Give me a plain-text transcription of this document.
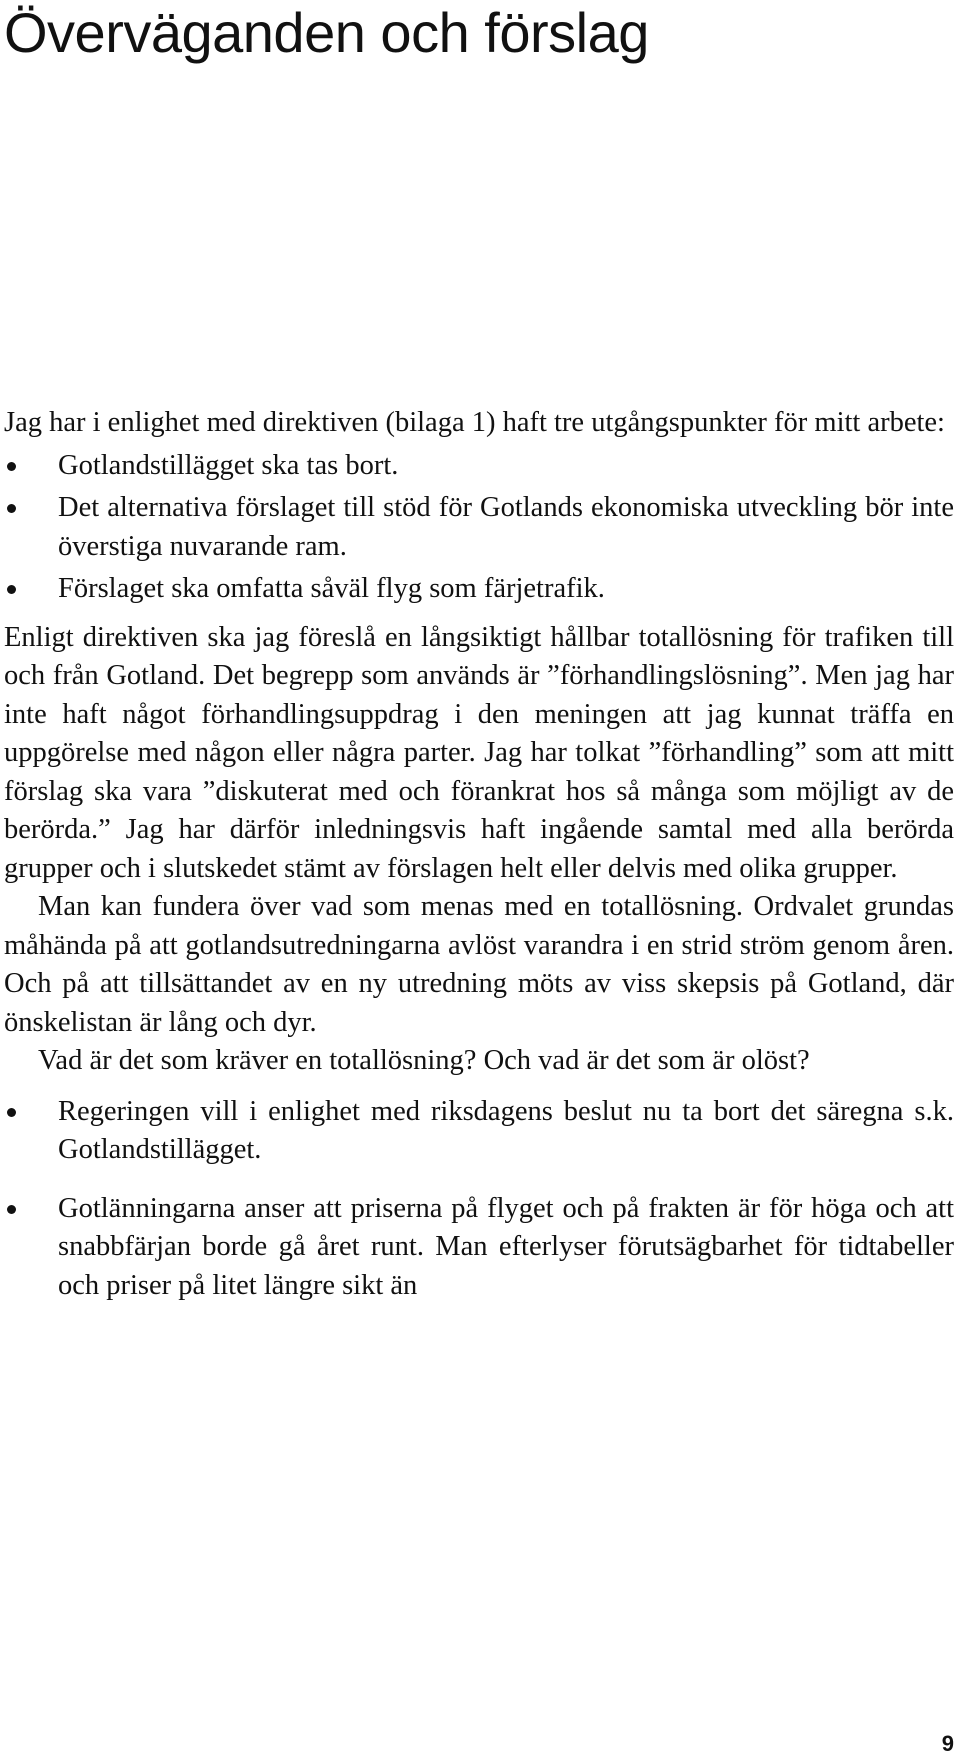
Överväganden och förslag

Jag har i enlighet med direktiven (bilaga 1) haft tre utgångspunkter för mitt arbete:

Gotlandstillägget ska tas bort.
Det alternativa förslaget till stöd för Gotlands ekonomiska utveckling bör inte överstiga nuvarande ram.
Förslaget ska omfatta såväl flyg som färjetrafik.

Enligt direktiven ska jag föreslå en långsiktigt hållbar totallösning för trafiken till och från Gotland. Det begrepp som används är ”förhandlingslösning”. Men jag har inte haft något förhandlingsuppdrag i den meningen att jag kunnat träffa en uppgörelse med någon eller några parter. Jag har tolkat ”förhandling” som att mitt förslag ska vara ”diskuterat med och förankrat hos så många som möjligt av de berörda.” Jag har därför inledningsvis haft ingående samtal med alla berörda grupper och i slutskedet stämt av förslagen helt eller delvis med olika grupper.

Man kan fundera över vad som menas med en totallösning. Ordvalet grundas måhända på att gotlandsutredningarna avlöst varandra i en strid ström genom åren. Och på att tillsättandet av en ny utredning möts av viss skepsis på Gotland, där önskelistan är lång och dyr.

Vad är det som kräver en totallösning? Och vad är det som är olöst?

Regeringen vill i enlighet med riksdagens beslut nu ta bort det säregna s.k. Gotlandstillägget.
Gotlänningarna anser att priserna på flyget och på frakten är för höga och att snabbfärjan borde gå året runt. Man efterlyser förutsägbarhet för tidtabeller och priser på litet längre sikt än
9
